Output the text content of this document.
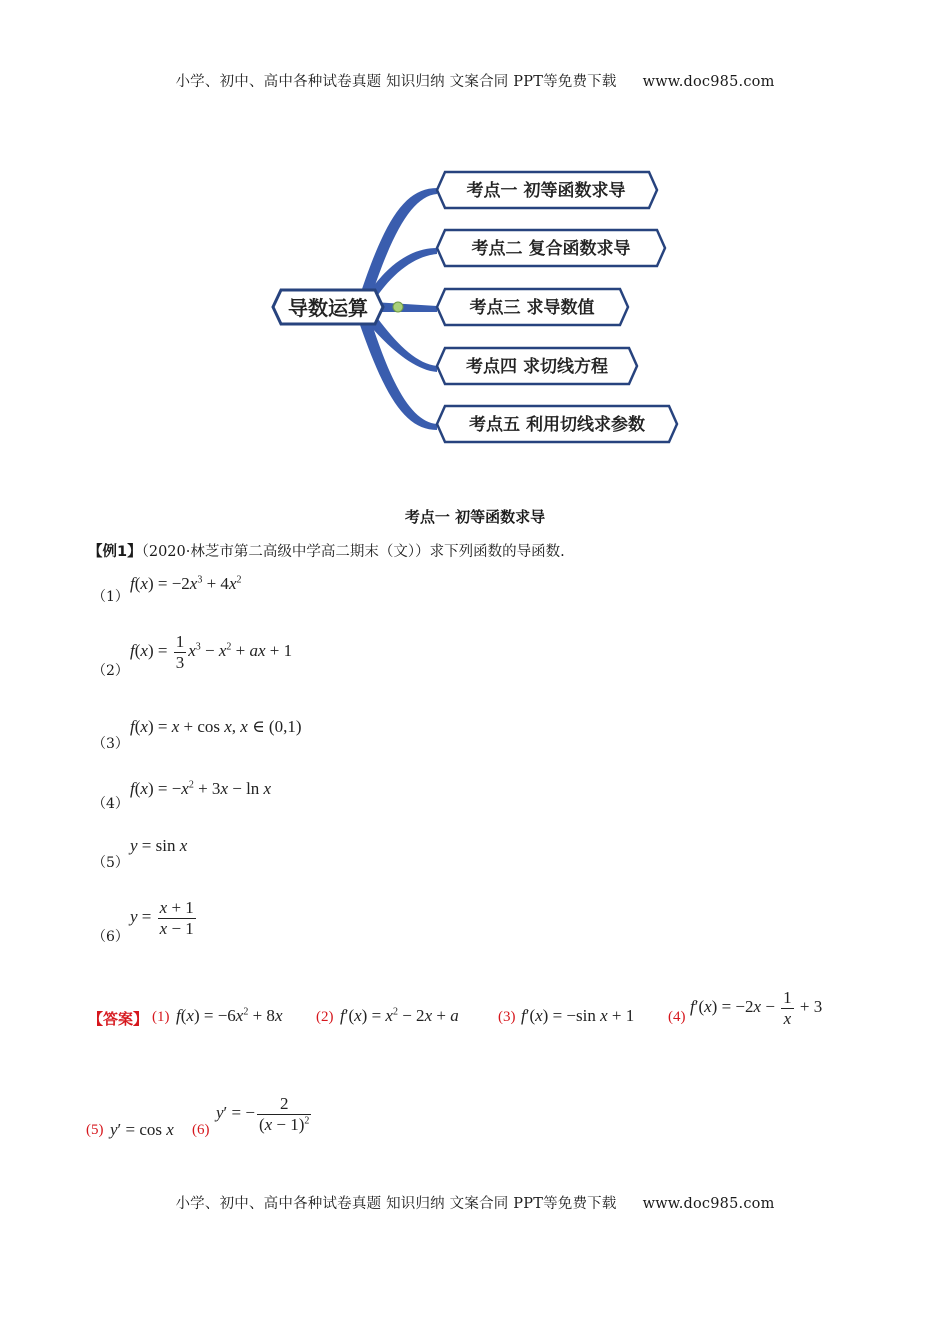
小学、初中、高中各种试卷真题 知识归纳 文案合同 PPT等免费下载 www.doc985.com
导数运算
考点一 初等函数求导
考点二 复合函数求导
考点三 求导数值
考点四 求切线方程
考点五 利用切线求参数
考点一 初等函数求导
【例1】（2020·林芝市第二高级中学高二期末（文））求下列函数的导函数.
（1）
$f(x) = -2x^3 + 4x^2$
（2）
$f(x) = \frac{1}{3} x^3 - x^2$ + ax + 1
（3）
f(x) = x + cos x, x ∈ (0,1)
（4）
$f(x) = -x^2 + 3x - \ln x$
（5）
y = sin x
（6）
$y = \frac{x + 1}{x - 1}$
【答案】 (1) $f(x) = -6x^2 + 8x$ (2) $f'(x) = x^2 - 2x + a$	(3) f′(x) = −sin x + 1 (4)
$f'(x) = -2x - \frac{1}{x} + 3$
(5) y′ = cos x (6)
y′ = − $\frac{2}{(x - 1)^2}$
小学、初中、高中各种试卷真题 知识归纳 文案合同 PPT等免费下载 www.doc985.com
